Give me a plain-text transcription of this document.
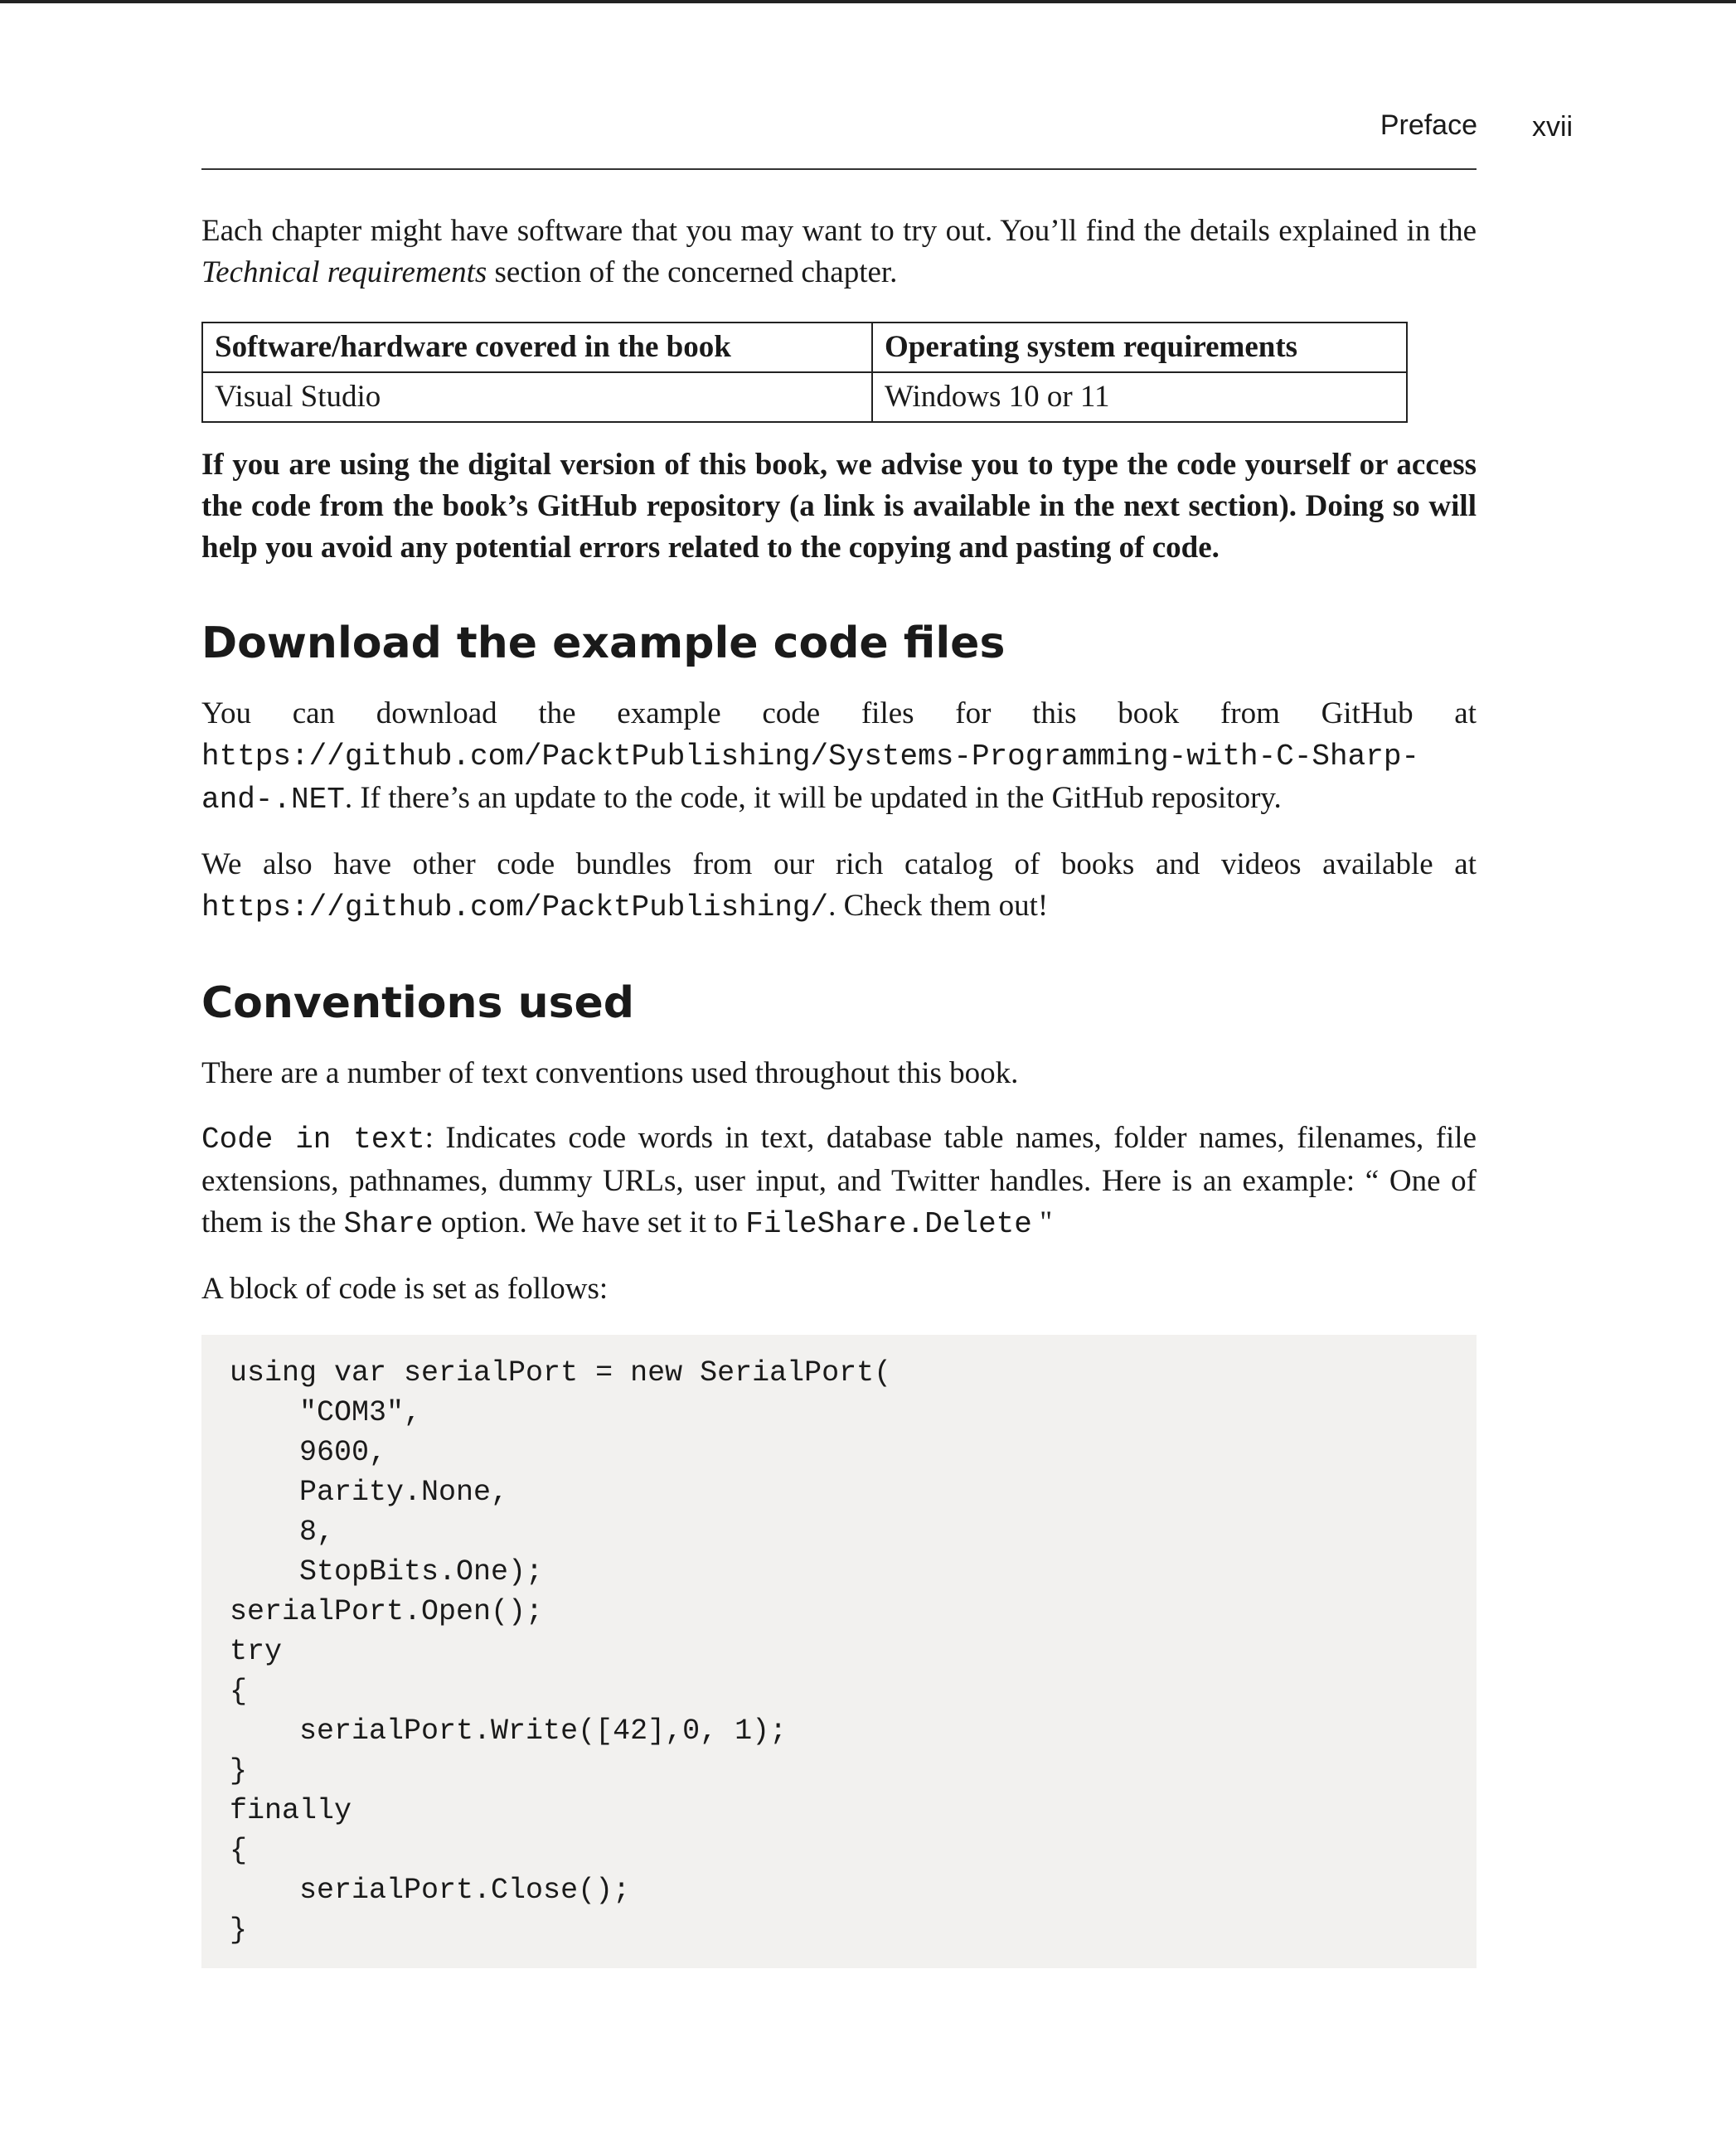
Preface xvii

Each chapter might have software that you may want to try out. You’ll find the details explained in the Technical requirements section of the concerned chapter.

Software/hardware covered in the book	Operating system requirements
Visual Studio	Windows 10 or 11

If you are using the digital version of this book, we advise you to type the code yourself or access the code from the book’s GitHub repository (a link is available in the next section). Doing so will help you avoid any potential errors related to the copying and pasting of code.

Download the example code files

You can download the example code files for this book from GitHub at https://github.com/PacktPublishing/Systems-Programming-with-C-Sharp-and-.NET. If there’s an update to the code, it will be updated in the GitHub repository.

We also have other code bundles from our rich catalog of books and videos available at https://github.com/PacktPublishing/. Check them out!

Conventions used

There are a number of text conventions used throughout this book.

Code in text: Indicates code words in text, database table names, folder names, filenames, file extensions, pathnames, dummy URLs, user input, and Twitter handles. Here is an example: “ One of them is the Share option. We have set it to FileShare.Delete "

A block of code is set as follows:

using var serialPort = new SerialPort(
"COM3",
9600,
Parity.None,
8,
StopBits.One);
serialPort.Open();
try
{
serialPort.Write([42],0, 1);
}
finally
{
serialPort.Close();
}
